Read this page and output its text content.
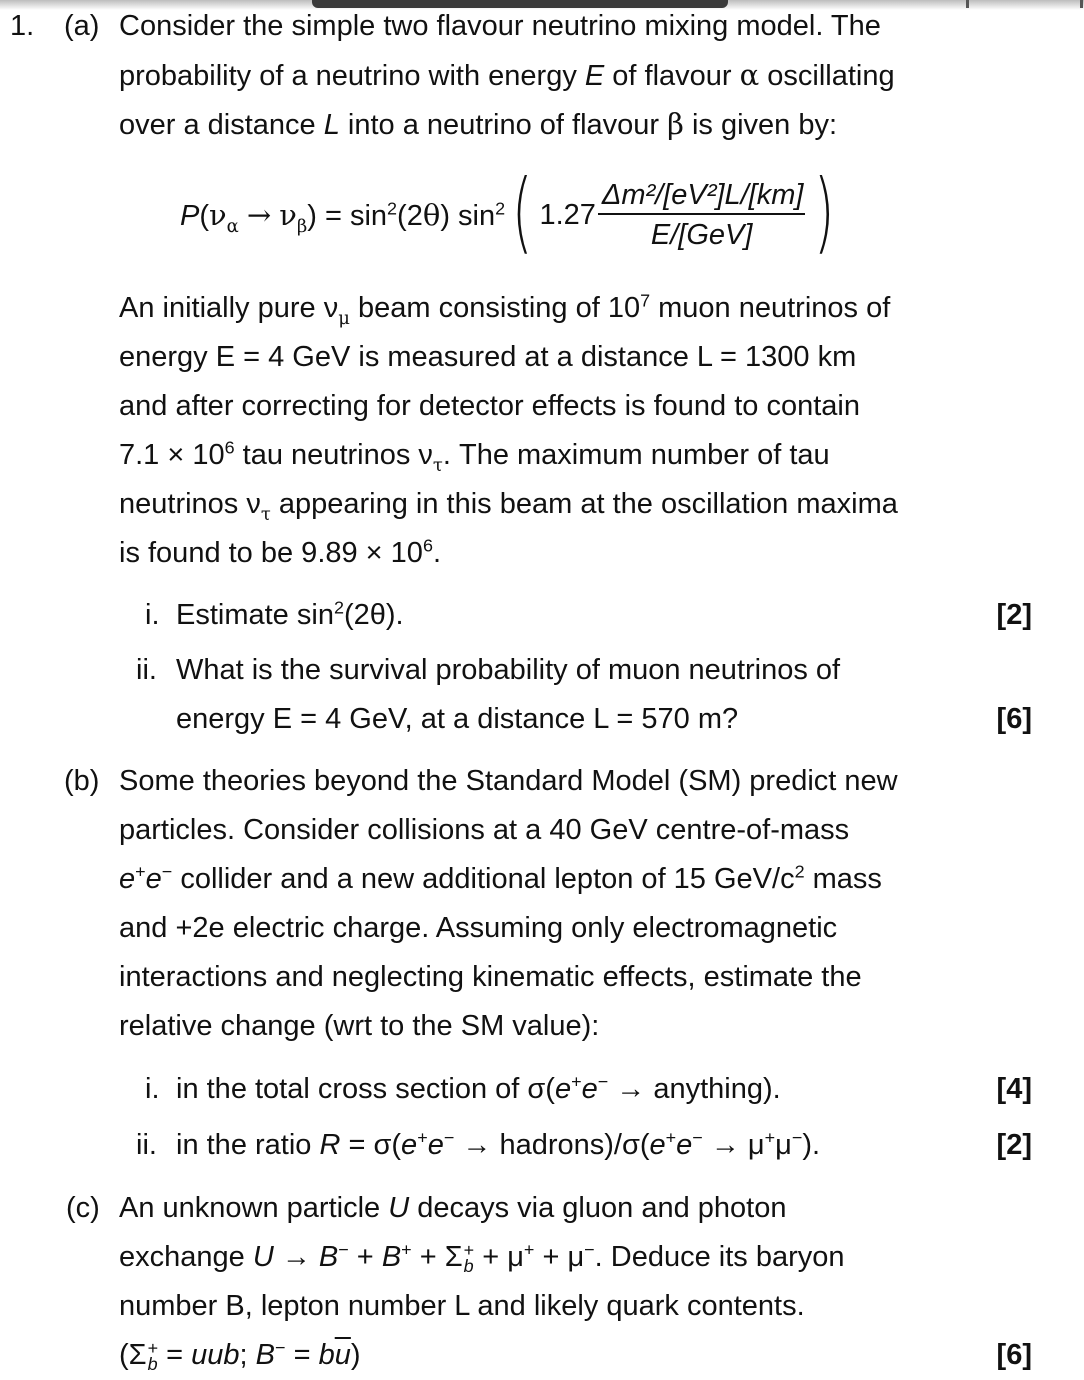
1. (a) Consider the simple two flavour neutrino mixing model. The
probability of a neutrino with energy E of flavour α oscillating
over a distance L into a neutrino of flavour β is given by:
$P(\nu_\alpha \to \nu_\beta) = \sin^2(2\theta)$ $\sin^2$ ( $1.27 \frac{\text{Δm²/[eV²]L/[km]}}{\text{E/[GeV]}}$ )
An initially pure $\nu_\mu$ beam consisting of $10^7$ muon neutrinos of
energy E = 4 GeV is measured at a distance L = 1300 km
and after correcting for detector effects is found to contain
$7.1 \times 10^6$ tau neutrinos $\nu_\tau$. The maximum number of tau
neutrinos $\nu_\tau$ appearing in this beam at the oscillation maxima
is found to be $9.89 \times 10^6$.
i. Estimate $\sin^2(2\theta)$.	[2]
ii. What is the survival probability of muon neutrinos of
energy E = 4 GeV, at a distance L = 570 m?	[6]
(b) Some theories beyond the Standard Model (SM) predict new
particles. Consider collisions at a 40 GeV centre-of-mass
e+e− collider and a new additional lepton of 15 GeV/$c^2$ mass
and +2e electric charge. Assuming only electromagnetic
interactions and neglecting kinematic effects, estimate the
relative change (wrt to the SM value):
i. in the total cross section of σ(e+e− → anything).	[4]
ii. in the ratio R = σ(e+e− → hadrons)/σ(e+e− → μ+μ−).	[2]
(c) An unknown particle U decays via gluon and photon
exchange U → B− + B+ + Σ +
b + μ+ + μ−. Deduce its baryon
number B, lepton number L and likely quark contents.
(Σ +
b = uub; $B^- = b\overline{u}$)	[6]
